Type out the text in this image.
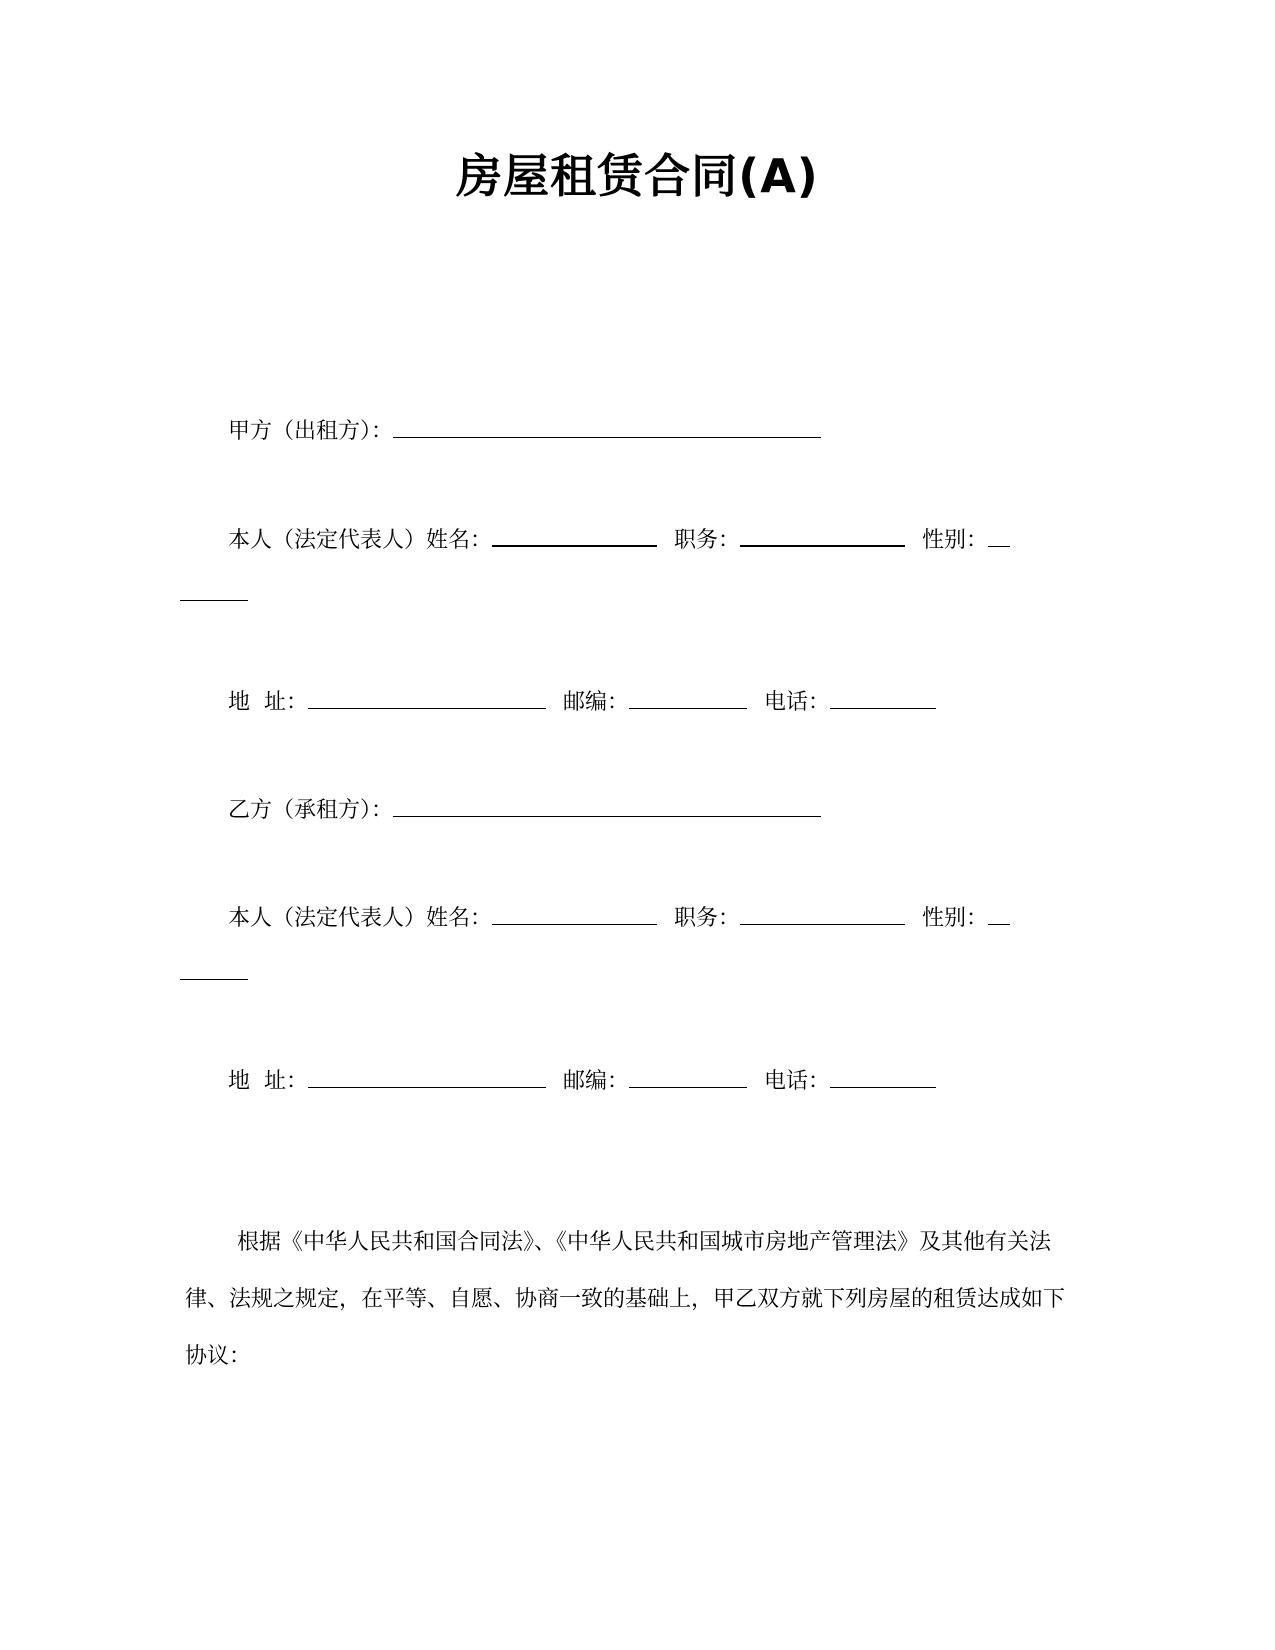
房屋租赁合同(A)
甲方（出租方）：
本人（法定代表人）姓名：	职务：	性别：
地  址：	邮编：	电话：
乙方（承租方）：
本人（法定代表人）姓名：	职务：	性别：
地  址：	邮编：	电话：
根据《中华人民共和国合同法》、《中华人民共和国城市房地产管理法》及其他有关法律、法规之规定，在平等、自愿、协商一致的基础上，甲乙双方就下列房屋的租赁达成如下协议：
